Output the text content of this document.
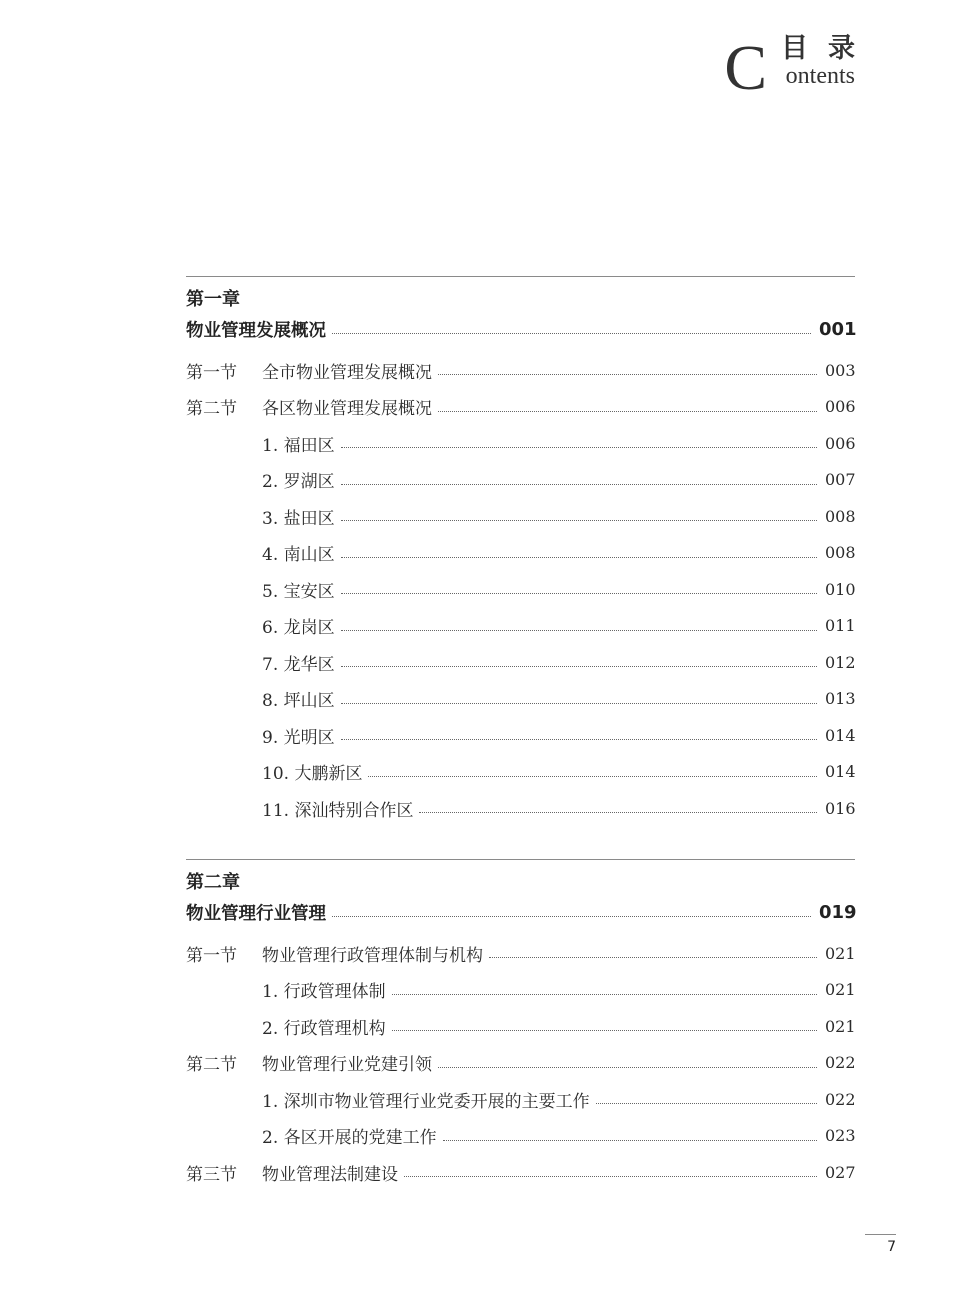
C 目录
ontents
第一章
物业管理发展概况	001
第一节	全市物业管理发展概况	003
第二节	各区物业管理发展概况	006
1. 福田区	006
2. 罗湖区	007
3. 盐田区	008
4. 南山区	008
5. 宝安区	010
6. 龙岗区	011
7. 龙华区	012
8. 坪山区	013
9. 光明区	014
10. 大鹏新区	014
11. 深汕特别合作区	016
第二章
物业管理行业管理	019
第一节	物业管理行政管理体制与机构	021
1. 行政管理体制	021
2. 行政管理机构	021
第二节	物业管理行业党建引领	022
1. 深圳市物业管理行业党委开展的主要工作	022
2. 各区开展的党建工作	023
第三节	物业管理法制建设	027
7
